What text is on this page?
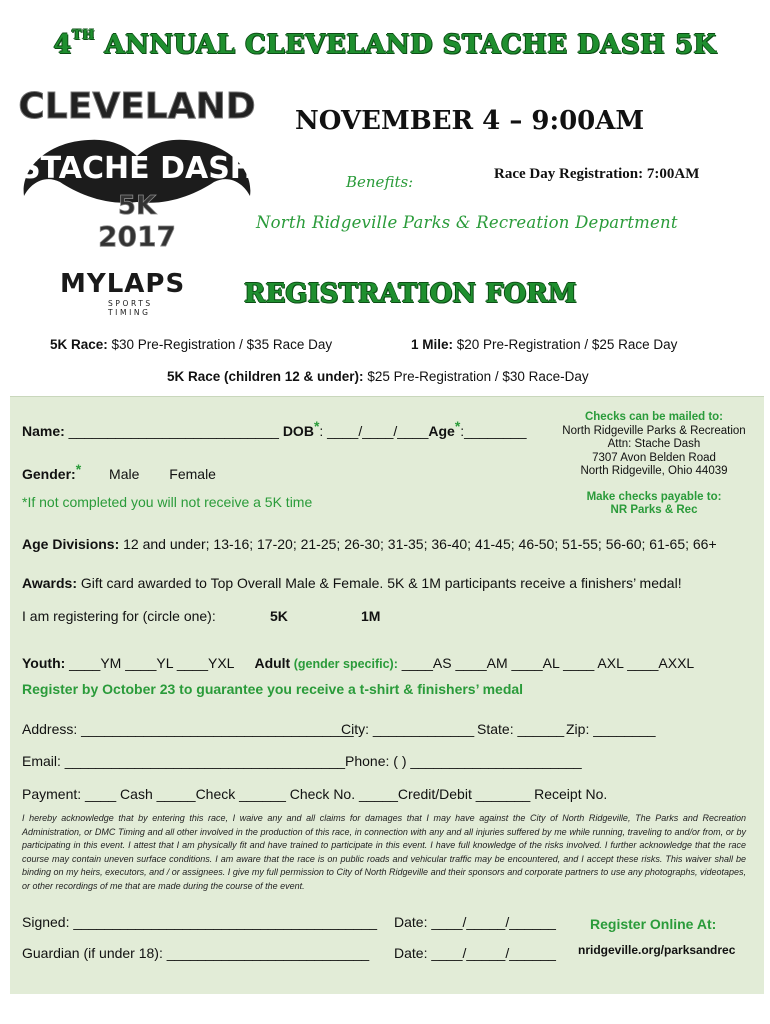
4TH ANNUAL CLEVELAND STACHE DASH 5K
CLEVELAND
STACHE DASH
5K
2017
NOVEMBER 4 – 9:00AM
Race Day Registration: 7:00AM
Benefits:
North Ridgeville Parks & Recreation Department
MYLAPS
SPORTS TIMING
REGISTRATION FORM
5K Race: $30 Pre-Registration / $35 Race Day	1 Mile: $20 Pre-Registration / $25 Race Day
5K Race (children 12 & under): $25 Pre-Registration / $30 Race-Day
Name: ___________________________ DOB*: ____/____/____Age*:________
Checks can be mailed to:
North Ridgeville Parks & Recreation
Attn: Stache Dash
7307 Avon Belden Road
North Ridgeville, Ohio 44039
Make checks payable to:
NR Parks & Rec
Gender:* Male Female
*If not completed you will not receive a 5K time
Age Divisions: 12 and under; 13-16; 17-20; 21-25; 26-30; 31-35; 36-40; 41-45; 46-50; 51-55; 56-60; 61-65; 66+
Awards: Gift card awarded to Top Overall Male & Female. 5K & 1M participants receive a finishers’ medal!
I am registering for (circle one):	5K	1M
Youth: ____YM ____YL ____YXL Adult (gender specific): ____AS ____AM ____AL ____ AXL ____AXXL
Register by October 23 to guarantee you receive a t-shirt & finishers’ medal
Address: ___________________________________
City: _____________ State: ______ Zip: ________
Email: ____________________________________ Phone: ( ) ______________________
Payment: ____ Cash _____Check ______ Check No. _____Credit/Debit _______ Receipt No.
I hereby acknowledge that by entering this race, I waive any and all claims for damages that I may have against the City of North Ridgeville, The Parks and Recreation Administration, or DMC Timing and all other involved in the production of this race, in connection with any and all injuries suffered by me while running, traveling to and/or from, or by participating in this event. I attest that I am physically fit and have trained to participate in this event. I have full knowledge of the risks involved. I further acknowledge that the race course may contain uneven surface conditions. I am aware that the race is on public roads and vehicular traffic may be encountered, and I accept these risks. This waiver shall be binding on my heirs, executors, and / or assignees. I give my full permission to City of North Ridgeville and their sponsors and corporate partners to use any photographs, videotapes, or other recordings of me that are made during the course of the event.
Signed: _______________________________________ Date: ____/_____/______ Register Online At:
Guardian (if under 18): __________________________ Date: ____/_____/______ nridgeville.org/parksandrec
